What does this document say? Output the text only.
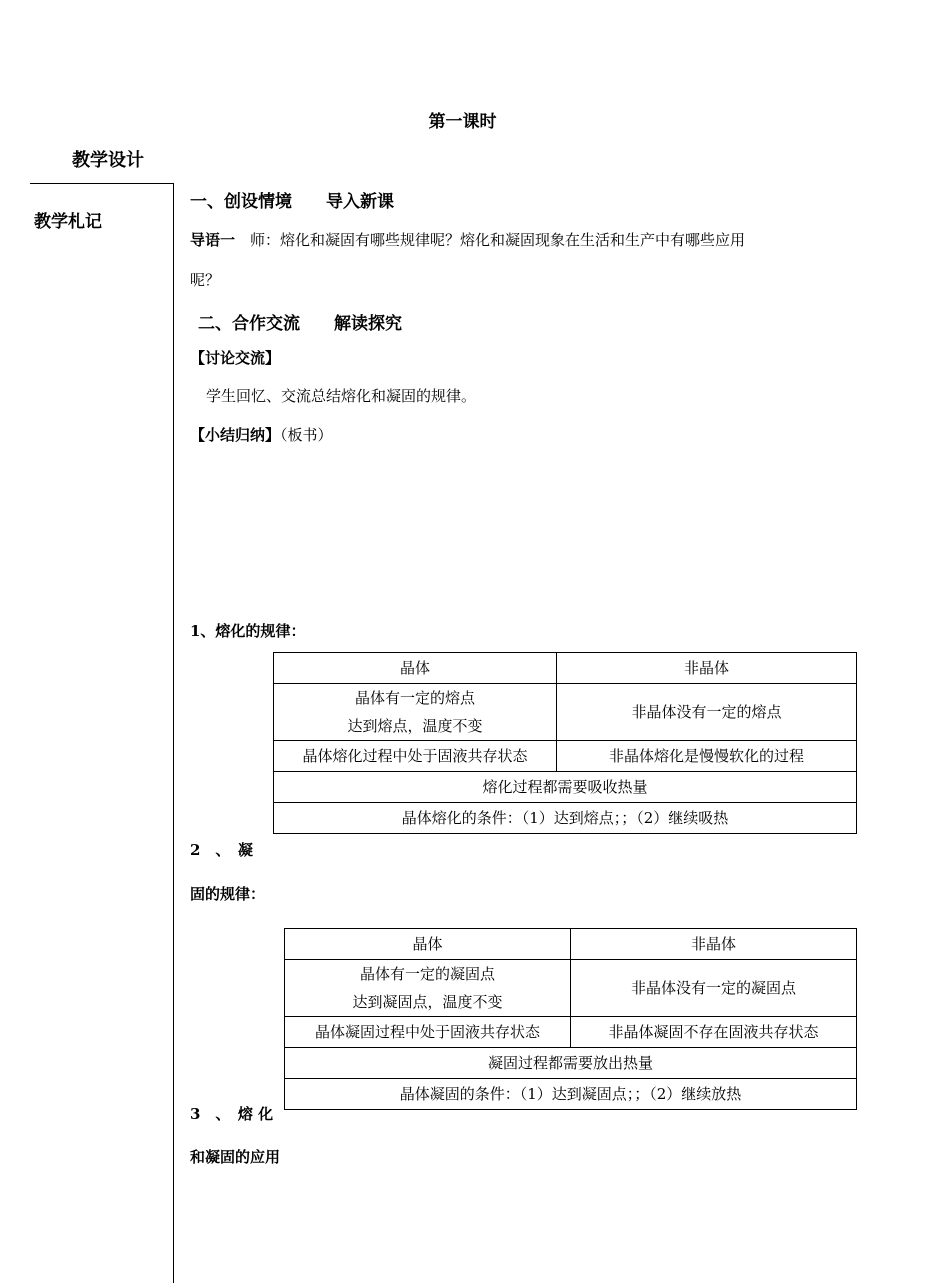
第一课时
教学设计
教学札记
一、创设情境　　导入新课
导语一　师：熔化和凝固有哪些规律呢？熔化和凝固现象在生活和生产中有哪些应用
呢？
二、合作交流　　解读探究
【讨论交流】
学生回忆、交流总结熔化和凝固的规律。
【小结归纳】（板书）
1、熔化的规律：
晶体	非晶体

晶体有一定的熔点
达到熔点，温度不变	非晶体没有一定的熔点
晶体熔化过程中处于固液共存状态	非晶体熔化是慢慢软化的过程
熔化过程都需要吸收热量	
晶体熔化的条件：（1）达到熔点；；（2）继续吸热	
2　、　凝
固的规律：
晶体	非晶体

晶体有一定的凝固点
达到凝固点，温度不变	非晶体没有一定的凝固点
晶体凝固过程中处于固液共存状态	非晶体凝固不存在固液共存状态
凝固过程都需要放出热量	
晶体凝固的条件：（1）达到凝固点；；（2）继续放热	
3　、　熔 化
和凝固的应用
